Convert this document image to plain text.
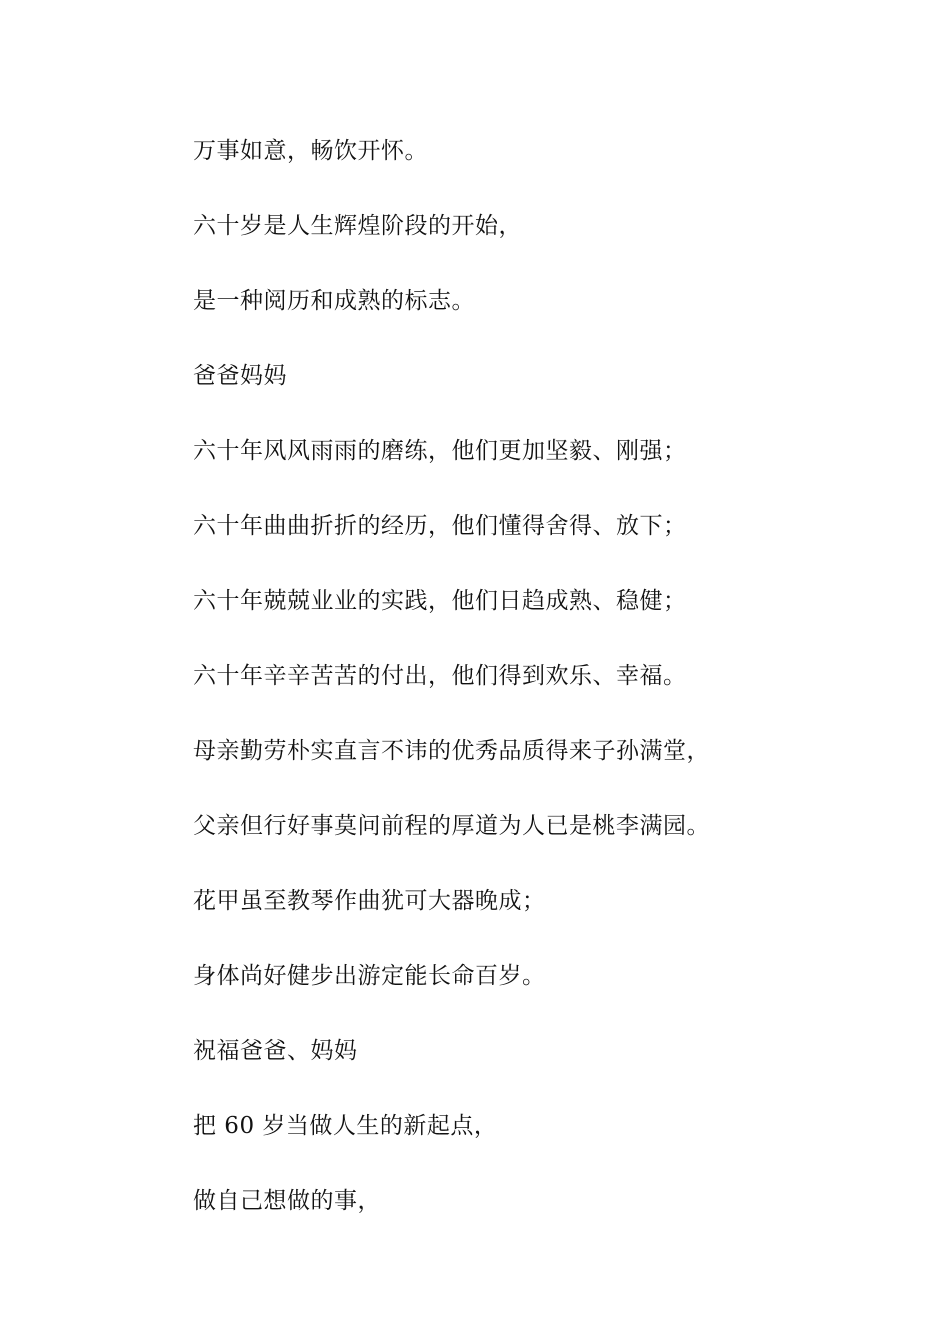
万事如意，畅饮开怀。

六十岁是人生辉煌阶段的开始，

是一种阅历和成熟的标志。

爸爸妈妈

六十年风风雨雨的磨练，他们更加坚毅、刚强；

六十年曲曲折折的经历，他们懂得舍得、放下；

六十年兢兢业业的实践，他们日趋成熟、稳健；

六十年辛辛苦苦的付出，他们得到欢乐、幸福。

母亲勤劳朴实直言不讳的优秀品质得来子孙满堂，

父亲但行好事莫问前程的厚道为人已是桃李满园。

花甲虽至教琴作曲犹可大器晚成；

身体尚好健步出游定能长命百岁。

祝福爸爸、妈妈

把 60 岁当做人生的新起点，

做自己想做的事，
